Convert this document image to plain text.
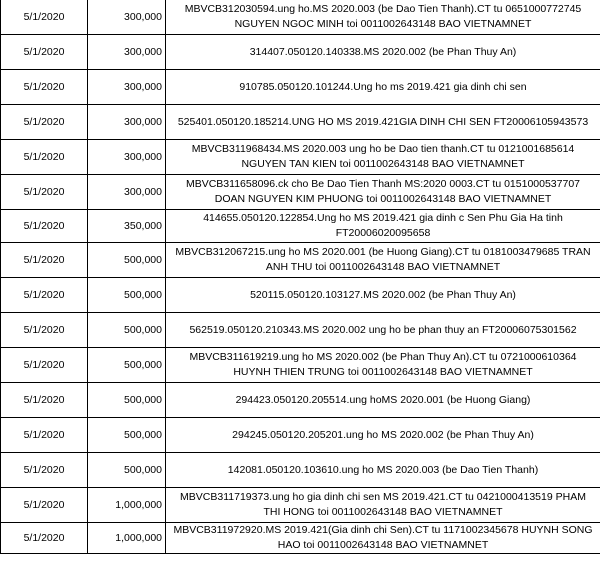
5/1/2020	300,000	MBVCB312030594.ung ho.MS 2020.003 (be Dao Tien Thanh).CT tu 0651000772745
NGUYEN NGOC MINH toi 0011002643148 BAO VIETNAMNET

5/1/2020	300,000	314407.050120.140338.MS 2020.002 (be Phan Thuy An)

5/1/2020	300,000	910785.050120.101244.Ung ho ms 2019.421 gia dinh chi sen

5/1/2020	300,000	525401.050120.185214.UNG HO MS 2019.421GIA DINH CHI SEN FT20006105943573

5/1/2020	300,000	MBVCB311968434.MS 2020.003 ung ho be Dao tien thanh.CT tu 0121001685614
NGUYEN TAN KIEN toi 0011002643148 BAO VIETNAMNET

5/1/2020	300,000	MBVCB311658096.ck cho Be Dao Tien Thanh MS:2020 0003.CT tu 0151000537707
DOAN NGUYEN KIM PHUONG toi 0011002643148 BAO VIETNAMNET

5/1/2020	350,000	414655.050120.122854.Ung ho MS 2019.421 gia dinh c Sen Phu Gia Ha tinh
FT20006020095658

5/1/2020	500,000	MBVCB312067215.ung ho MS 2020.001 (be Huong Giang).CT tu 0181003479685 TRAN
ANH THU toi 0011002643148 BAO VIETNAMNET

5/1/2020	500,000	520115.050120.103127.MS 2020.002 (be Phan Thuy An)

5/1/2020	500,000	562519.050120.210343.MS 2020.002 ung ho be phan thuy an FT20006075301562

5/1/2020	500,000	MBVCB311619219.ung ho MS 2020.002 (be Phan Thuy An).CT tu 0721000610364
HUYNH THIEN TRUNG toi 0011002643148 BAO VIETNAMNET

5/1/2020	500,000	294423.050120.205514.ung hoMS 2020.001 (be Huong Giang)

5/1/2020	500,000	294245.050120.205201.ung ho MS 2020.002 (be Phan Thuy An)

5/1/2020	500,000	142081.050120.103610.ung ho MS 2020.003 (be Dao Tien Thanh)

5/1/2020	1,000,000	MBVCB311719373.ung ho gia dinh chi sen MS 2019.421.CT tu 0421000413519 PHAM
THI HONG toi 0011002643148 BAO VIETNAMNET

5/1/2020	1,000,000	MBVCB311972920.MS 2019.421(Gia dinh chi Sen).CT tu 1171002345678 HUYNH SONG
HAO toi 0011002643148 BAO VIETNAMNET
